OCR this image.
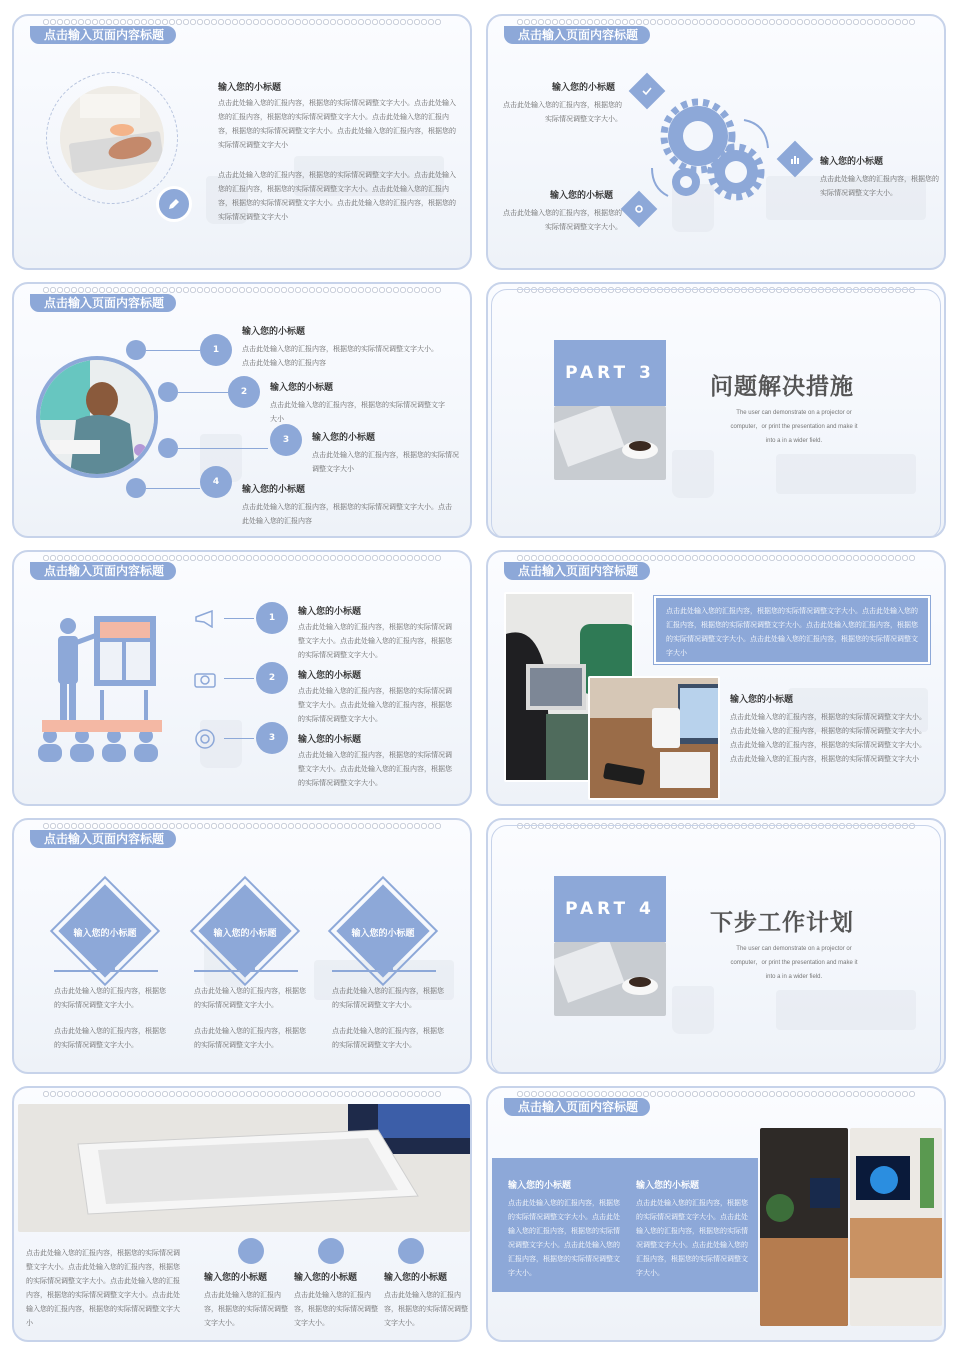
点击输入页面内容标题
输入您的小标题
点击此处输入您的汇报内容，根据您的实际情况调整文字大小。点击此处输入您的汇报内容，根据您的实际情况调整文字大小。点击此处输入您的汇报内容，根据您的实际情况调整文字大小。点击此处输入您的汇报内容，根据您的实际情况调整文字大小
点击此处输入您的汇报内容，根据您的实际情况调整文字大小。点击此处输入您的汇报内容，根据您的实际情况调整文字大小。点击此处输入您的汇报内容，根据您的实际情况调整文字大小。点击此处输入您的汇报内容，根据您的实际情况调整文字大小
点击输入页面内容标题
输入您的小标题
点击此处输入您的汇报内容，根据您的实际情况调整文字大小。
输入您的小标题
点击此处输入您的汇报内容，根据您的实际情况调整文字大小。
输入您的小标题
点击此处输入您的汇报内容，根据您的实际情况调整文字大小。
点击输入页面内容标题
1
2
3
4
输入您的小标题
点击此处输入您的汇报内容，根据您的实际情况调整文字大小。点击此处输入您的汇报内容
输入您的小标题
点击此处输入您的汇报内容，根据您的实际情况调整文字大小
输入您的小标题
点击此处输入您的汇报内容，根据您的实际情况调整文字大小
输入您的小标题
点击此处输入您的汇报内容，根据您的实际情况调整文字大小。点击此处输入您的汇报内容
PART 3
问题解决措施
The user can demonstrate on a projector or
computer，or print the presentation and make it
into a in a wider field.
点击输入页面内容标题
1
2
3
输入您的小标题
点击此处输入您的汇报内容，根据您的实际情况调整文字大小。点击此处输入您的汇报内容，根据您的实际情况调整文字大小。
输入您的小标题
点击此处输入您的汇报内容，根据您的实际情况调整文字大小。点击此处输入您的汇报内容，根据您的实际情况调整文字大小。
输入您的小标题
点击此处输入您的汇报内容，根据您的实际情况调整文字大小。点击此处输入您的汇报内容，根据您的实际情况调整文字大小。
点击输入页面内容标题
点击此处输入您的汇报内容，根据您的实际情况调整文字大小。点击此处输入您的汇报内容，根据您的实际情况调整文字大小。点击此处输入您的汇报内容，根据您的实际情况调整文字大小。点击此处输入您的汇报内容，根据您的实际情况调整文字大小
输入您的小标题
点击此处输入您的汇报内容，根据您的实际情况调整文字大小。点击此处输入您的汇报内容，根据您的实际情况调整文字大小。点击此处输入您的汇报内容，根据您的实际情况调整文字大小。点击此处输入您的汇报内容，根据您的实际情况调整文字大小
点击输入页面内容标题
输入您的小标题	输入您的小标题	输入您的小标题
点击此处输入您的汇报内容，根据您的实际情况调整文字大小。
点击此处输入您的汇报内容，根据您的实际情况调整文字大小。
点击此处输入您的汇报内容，根据您的实际情况调整文字大小。
点击此处输入您的汇报内容，根据您的实际情况调整文字大小。
点击此处输入您的汇报内容，根据您的实际情况调整文字大小。
点击此处输入您的汇报内容，根据您的实际情况调整文字大小。
PART 4
下步工作计划
The user can demonstrate on a projector or
computer，or print the presentation and make it
into a in a wider field.
点击此处输入您的汇报内容，根据您的实际情况调整文字大小。点击此处输入您的汇报内容，根据您的实际情况调整文字大小。点击此处输入您的汇报内容，根据您的实际情况调整文字大小。点击此处输入您的汇报内容，根据您的实际情况调整文字大小
输入您的小标题
点击此处输入您的汇报内容，根据您的实际情况调整文字大小。
输入您的小标题
点击此处输入您的汇报内容，根据您的实际情况调整文字大小。
输入您的小标题
点击此处输入您的汇报内容，根据您的实际情况调整文字大小。
点击输入页面内容标题
输入您的小标题
点击此处输入您的汇报内容，根据您的实际情况调整文字大小。点击此处输入您的汇报内容，根据您的实际情况调整文字大小。点击此处输入您的汇报内容，根据您的实际情况调整文字大小。
输入您的小标题
点击此处输入您的汇报内容，根据您的实际情况调整文字大小。点击此处输入您的汇报内容，根据您的实际情况调整文字大小。点击此处输入您的汇报内容，根据您的实际情况调整文字大小。
